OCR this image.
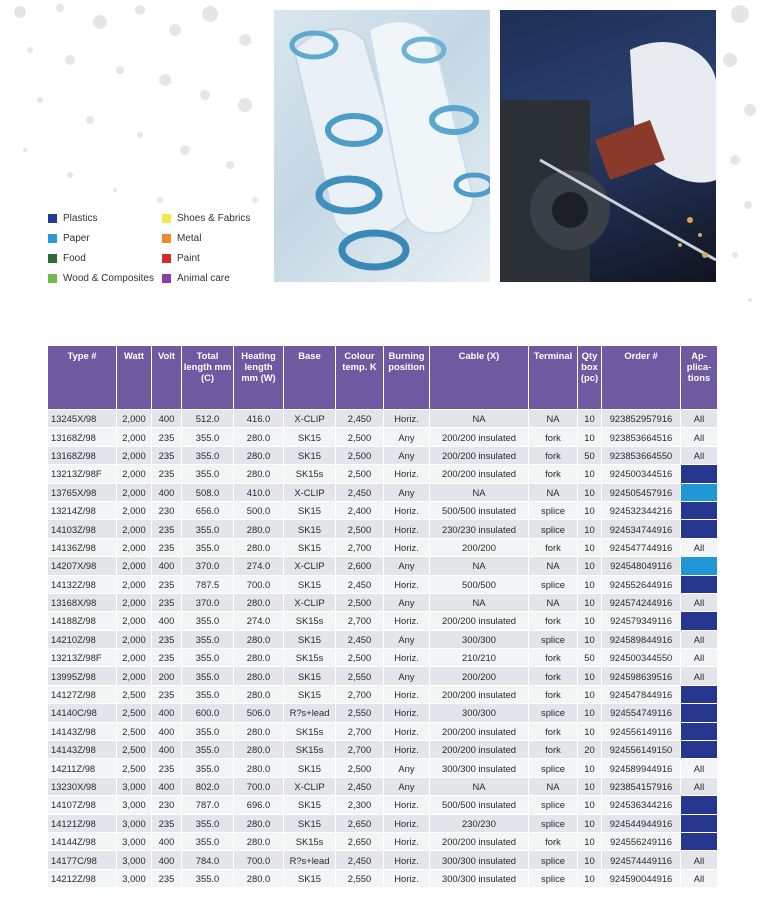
Plastics	Shoes & Fabrics
Paper	Metal
Food	Paint
Wood & Composites Animal care
Type #	Watt	Volt	Total length mm (C)	Heating length mm (W)	Base	Colour temp. K	Burning position	Cable (X)	Terminal	Qty box (pc)	Order #	Ap-plica-tions
13245X/98	2,000	400	512.0	416.0	X-CLIP	2,450	Horiz.	NA	NA	10	923852957916	All
13168Z/98	2,000	235	355.0	280.0	SK15	2,500	Any	200/200 insulated	fork	10	923853664516	All
13168Z/98	2,000	235	355.0	280.0	SK15	2,500	Any	200/200 insulated	fork	50	923853664550	All
13213Z/98F	2,000	235	355.0	280.0	SK15s	2,500	Horiz.	200/200 insulated	fork	10	924500344516	
13765X/98	2,000	400	508.0	410.0	X-CLIP	2,450	Any	NA	NA	10	924505457916	
13214Z/98	2,000	230	656.0	500.0	SK15	2,400	Horiz.	500/500 insulated	splice	10	924532344216	
14103Z/98	2,000	235	355.0	280.0	SK15	2,500	Horiz.	230/230 insulated	splice	10	924534744916	
14136Z/98	2,000	235	355.0	280.0	SK15	2,700	Horiz.	200/200	fork	10	924547744916	All
14207X/98	2,000	400	370.0	274.0	X-CLIP	2,600	Any	NA	NA	10	924548049116	
14132Z/98	2,000	235	787.5	700.0	SK15	2,450	Horiz.	500/500	splice	10	924552644916	
13168X/98	2,000	235	370.0	280.0	X-CLIP	2,500	Any	NA	NA	10	924574244916	All
14188Z/98	2,000	400	355.0	274.0	SK15s	2,700	Horiz.	200/200 insulated	fork	10	924579349116	
14210Z/98	2,000	235	355.0	280.0	SK15	2,450	Any	300/300	splice	10	924589844916	All
13213Z/98F	2,000	235	355.0	280.0	SK15s	2,500	Horiz.	210/210	fork	50	924500344550	All
13995Z/98	2,000	200	355.0	280.0	SK15	2,550	Any	200/200	fork	10	924598639516	All
14127Z/98	2,500	235	355.0	280.0	SK15	2,700	Horiz.	200/200 insulated	fork	10	924547844916	
14140C/98	2,500	400	600.0	506.0	R?s+lead	2,550	Horiz.	300/300	splice	10	924554749116	
14143Z/98	2,500	400	355.0	280.0	SK15s	2,700	Horiz.	200/200 insulated	fork	10	924556149116	
14143Z/98	2,500	400	355.0	280.0	SK15s	2,700	Horiz.	200/200 insulated	fork	20	924556149150	
14211Z/98	2,500	235	355.0	280.0	SK15	2,500	Any	300/300 insulated	splice	10	924589944916	All
13230X/98	3,000	400	802.0	700.0	X-CLIP	2,450	Any	NA	NA	10	923854157916	All
14107Z/98	3,000	230	787.0	696.0	SK15	2,300	Horiz.	500/500 insulated	splice	10	924536344216	
14121Z/98	3,000	235	355.0	280.0	SK15	2,650	Horiz.	230/230	splice	10	924544944916	
14144Z/98	3,000	400	355.0	280.0	SK15s	2,650	Horiz.	200/200 insulated	fork	10	924556249116	
14177C/98	3,000	400	784.0	700.0	R?s+lead	2,450	Horiz.	300/300 insulated	splice	10	924574449116	All
14212Z/98	3,000	235	355.0	280.0	SK15	2,550	Horiz.	300/300 insulated	splice	10	924590044916	All
